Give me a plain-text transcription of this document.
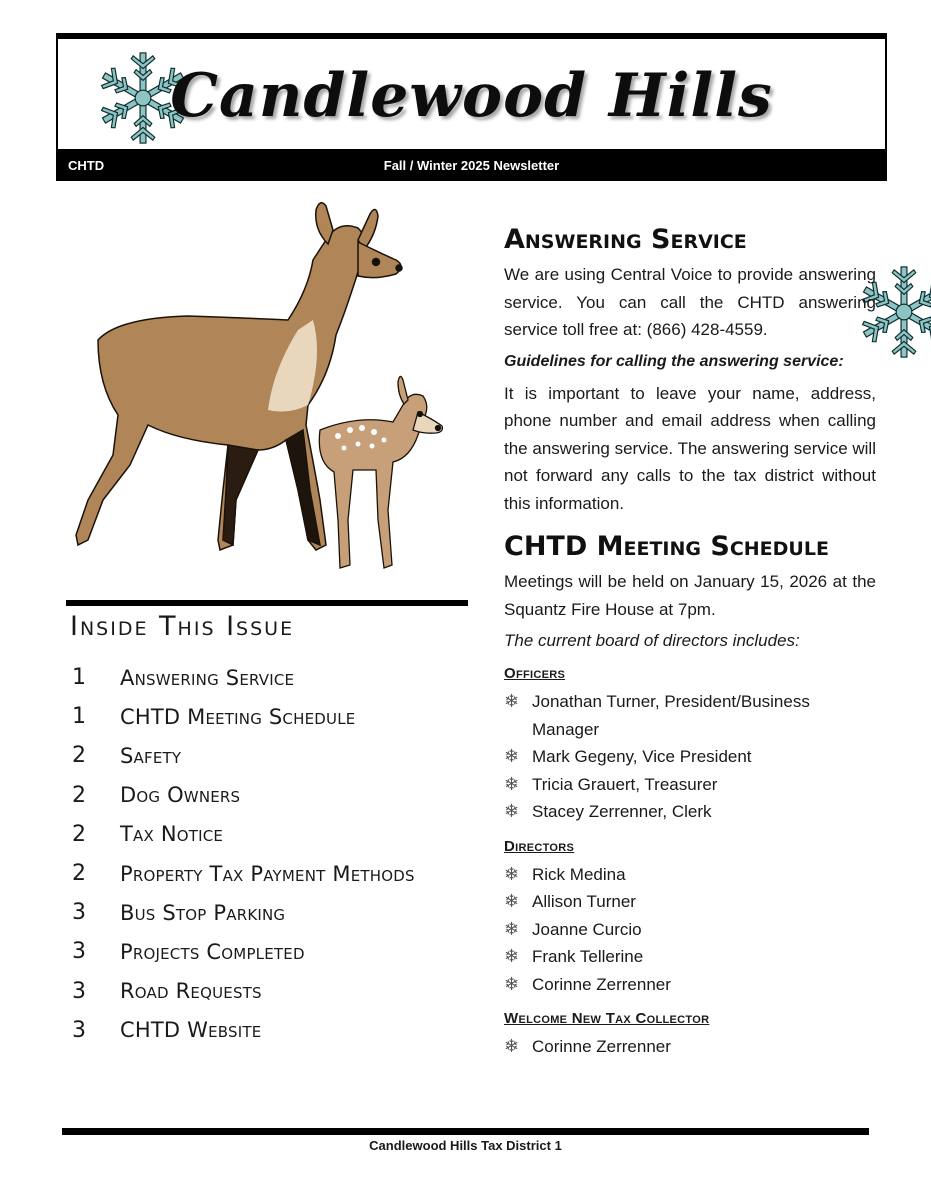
Candlewood Hills
CHTD	Fall / Winter 2025 Newsletter
Inside This Issue
1	Answering Service
1	CHTD Meeting Schedule
2	Safety
2	Dog Owners
2	Tax Notice
2	Property Tax Payment Methods
3	Bus Stop Parking
3	Projects Completed
3	Road Requests
3	CHTD Website
Answering Service

We are using Central Voice to provide answering service. You can call the CHTD answering service toll free at: (866) 428-4559.

Guidelines for calling the answering service:

It is important to leave your name, address, phone number and email address when calling the answering service. The answering service will not forward any calls to the tax district without this information.

CHTD Meeting Schedule

Meetings will be held on January 15, 2026 at the Squantz Fire House at 7pm.

The current board of directors includes:

Officers
❄ Jonathan Turner, President/Business Manager
❄ Mark Gegeny, Vice President
❄ Tricia Grauert, Treasurer
❄ Stacey Zerrenner, Clerk
Directors
❄ Rick Medina
❄ Allison Turner
❄ Joanne Curcio
❄ Frank Tellerine
❄ Corinne Zerrenner
Welcome New Tax Collector
❄ Corinne Zerrenner
Candlewood Hills Tax District 1
